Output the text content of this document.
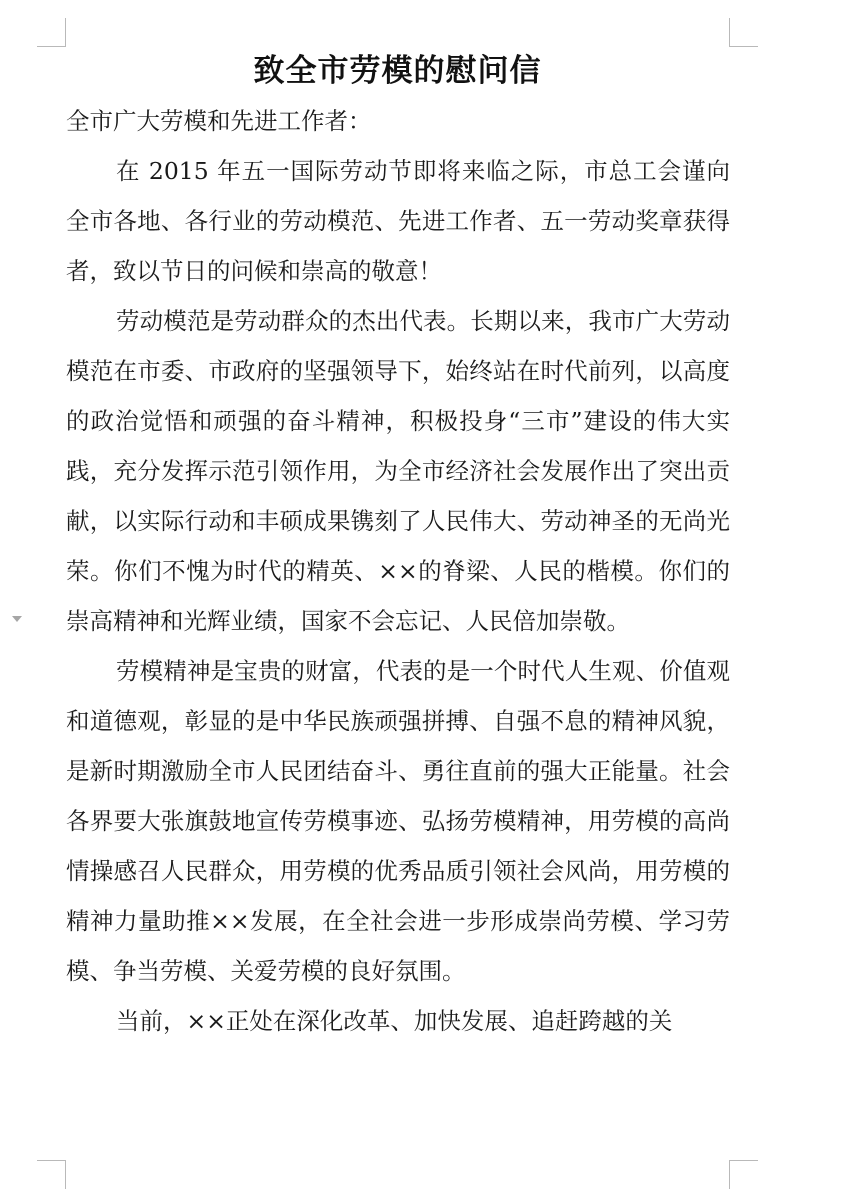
致全市劳模的慰问信

全市广大劳模和先进工作者：

在 2015 年五一国际劳动节即将来临之际，市总工会谨向全市各地、各行业的劳动模范、先进工作者、五一劳动奖章获得者，致以节日的问候和崇高的敬意！

劳动模范是劳动群众的杰出代表。长期以来，我市广大劳动模范在市委、市政府的坚强领导下，始终站在时代前列，以高度的政治觉悟和顽强的奋斗精神，积极投身“三市”建设的伟大实践，充分发挥示范引领作用，为全市经济社会发展作出了突出贡献，以实际行动和丰硕成果镌刻了人民伟大、劳动神圣的无尚光荣。你们不愧为时代的精英、××的脊梁、人民的楷模。你们的崇高精神和光辉业绩，国家不会忘记、人民倍加崇敬。

劳模精神是宝贵的财富，代表的是一个时代人生观、价值观和道德观，彰显的是中华民族顽强拼搏、自强不息的精神风貌，是新时期激励全市人民团结奋斗、勇往直前的强大正能量。社会各界要大张旗鼓地宣传劳模事迹、弘扬劳模精神，用劳模的高尚情操感召人民群众，用劳模的优秀品质引领社会风尚，用劳模的精神力量助推××发展，在全社会进一步形成崇尚劳模、学习劳模、争当劳模、关爱劳模的良好氛围。

当前，××正处在深化改革、加快发展、追赶跨越的关
